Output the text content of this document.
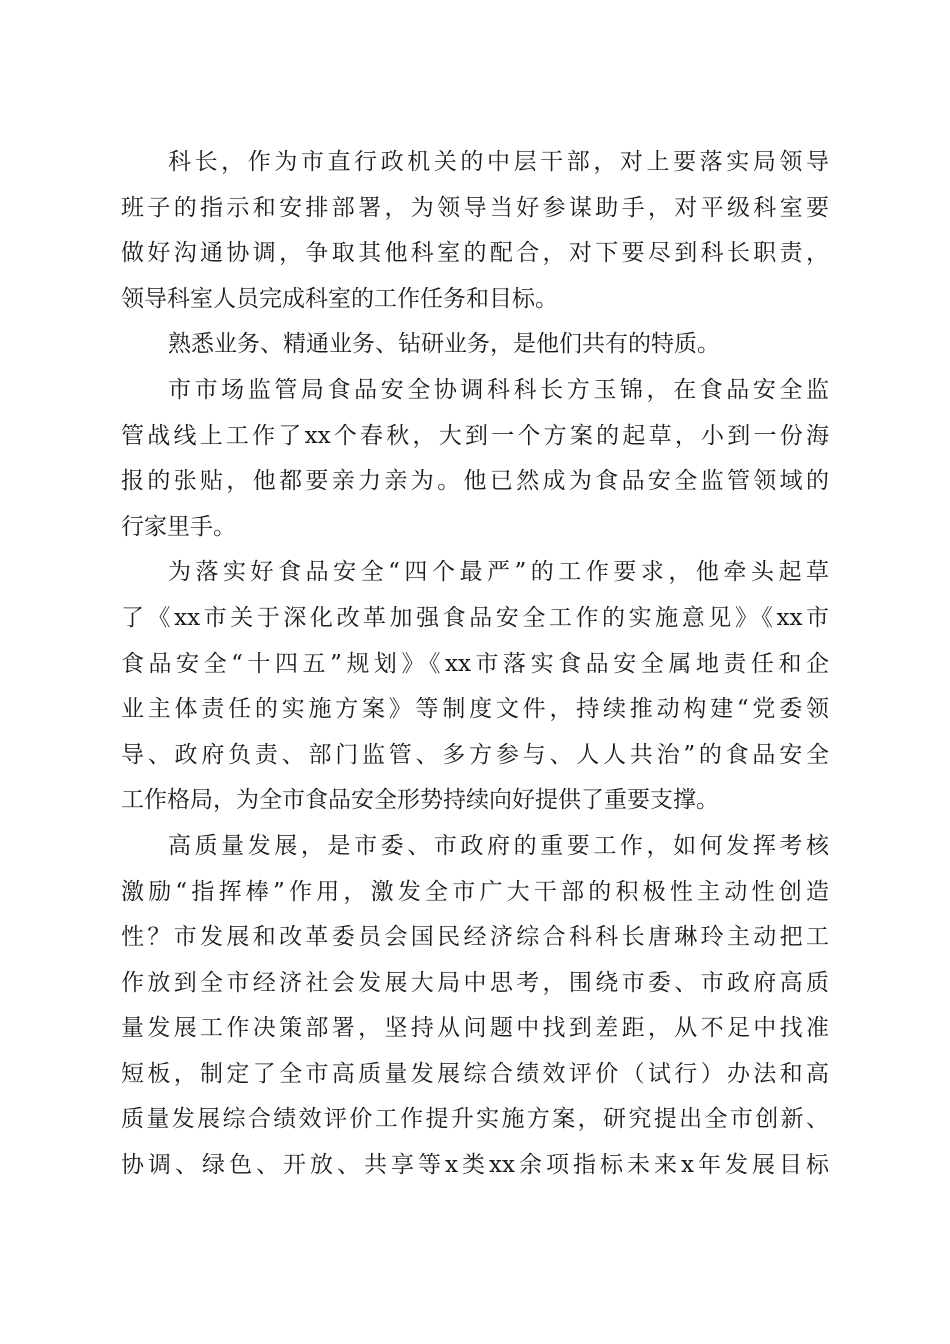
科长，作为市直行政机关的中层干部，对上要落实局领导
班子的指示和安排部署，为领导当好参谋助手，对平级科室要
做好沟通协调，争取其他科室的配合，对下要尽到科长职责，
领导科室人员完成科室的工作任务和目标。
熟悉业务、精通业务、钻研业务，是他们共有的特质。
市市场监管局食品安全协调科科长方玉锦，在食品安全监
管战线上工作了xx个春秋，大到一个方案的起草，小到一份海
报的张贴，他都要亲力亲为。他已然成为食品安全监管领域的
行家里手。
为落实好食品安全“四个最严”的工作要求，他牵头起草
了《xx市关于深化改革加强食品安全工作的实施意见》《xx市
食品安全“十四五”规划》《xx市落实食品安全属地责任和企
业主体责任的实施方案》等制度文件，持续推动构建“党委领
导、政府负责、部门监管、多方参与、人人共治”的食品安全
工作格局，为全市食品安全形势持续向好提供了重要支撑。
高质量发展，是市委、市政府的重要工作，如何发挥考核
激励“指挥棒”作用，激发全市广大干部的积极性主动性创造
性？市发展和改革委员会国民经济综合科科长唐琳玲主动把工
作放到全市经济社会发展大局中思考，围绕市委、市政府高质
量发展工作决策部署，坚持从问题中找到差距，从不足中找准
短板，制定了全市高质量发展综合绩效评价（试行）办法和高
质量发展综合绩效评价工作提升实施方案，研究提出全市创新、
协调、绿色、开放、共享等x类xx余项指标未来x年发展目标
